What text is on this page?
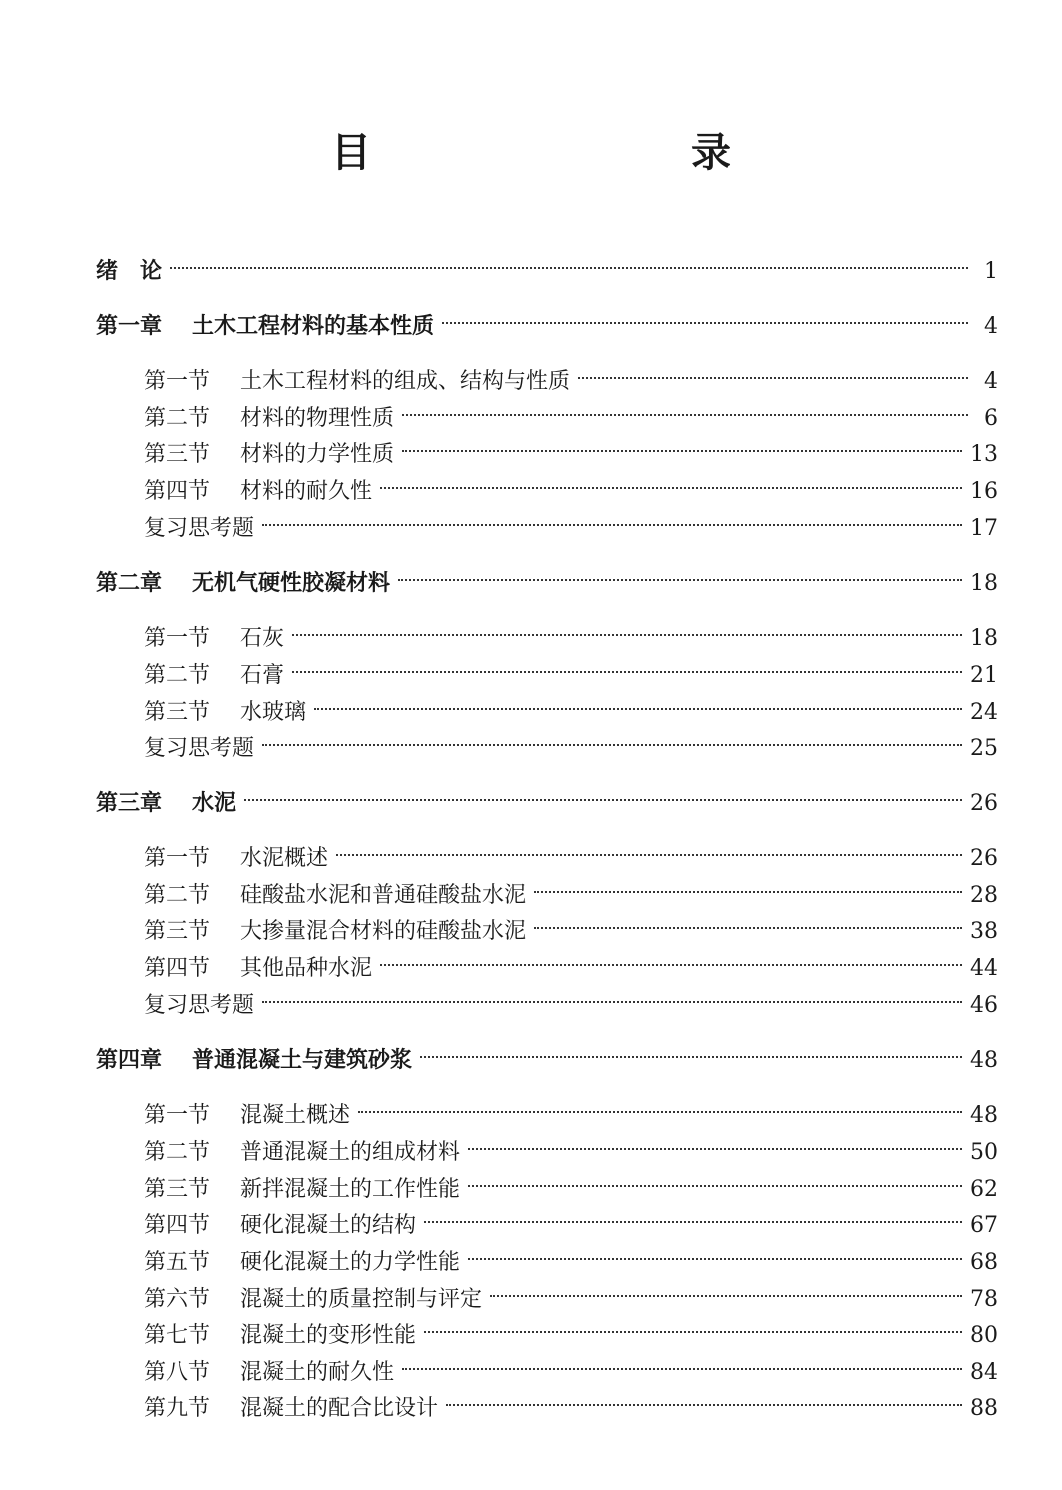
目　　录
绪　论	1
第一章	土木工程材料的基本性质	4
第一节	土木工程材料的组成、结构与性质	4
第二节	材料的物理性质	6
第三节	材料的力学性质	13
第四节	材料的耐久性	16
复习思考题	17
第二章	无机气硬性胶凝材料	18
第一节	石灰	18
第二节	石膏	21
第三节	水玻璃	24
复习思考题	25
第三章	水泥	26
第一节	水泥概述	26
第二节	硅酸盐水泥和普通硅酸盐水泥	28
第三节	大掺量混合材料的硅酸盐水泥	38
第四节	其他品种水泥	44
复习思考题	46
第四章	普通混凝土与建筑砂浆	48
第一节	混凝土概述	48
第二节	普通混凝土的组成材料	50
第三节	新拌混凝土的工作性能	62
第四节	硬化混凝土的结构	67
第五节	硬化混凝土的力学性能	68
第六节	混凝土的质量控制与评定	78
第七节	混凝土的变形性能	80
第八节	混凝土的耐久性	84
第九节	混凝土的配合比设计	88
